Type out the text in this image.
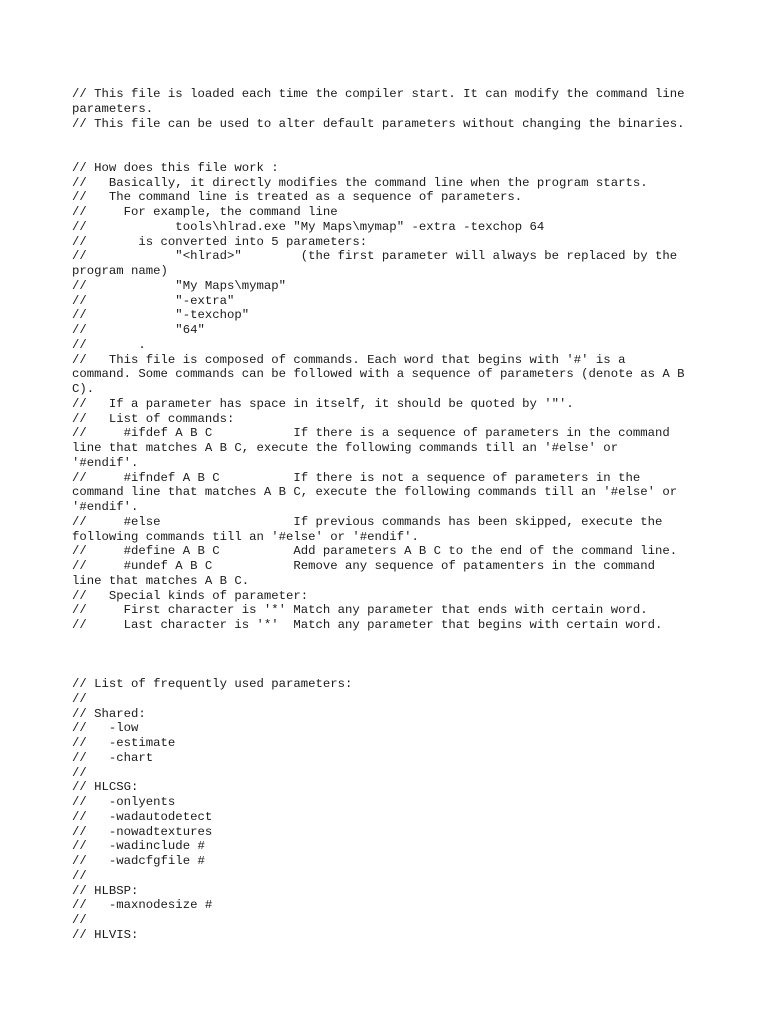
// This file is loaded each time the compiler start. It can modify the command line
parameters.
// This file can be used to alter default parameters without changing the binaries.
// How does this file work :
//   Basically, it directly modifies the command line when the program starts.
//   The command line is treated as a sequence of parameters.
//     For example, the command line
//            tools\hlrad.exe "My Maps\mymap" -extra -texchop 64
//       is converted into 5 parameters:
//            "<hlrad>"        (the first parameter will always be replaced by the
program name)
//            "My Maps\mymap"
//            "-extra"
//            "-texchop"
//            "64"
//       .
//   This file is composed of commands. Each word that begins with '#' is a
command. Some commands can be followed with a sequence of parameters (denote as A B
C).
//   If a parameter has space in itself, it should be quoted by '"'.
//   List of commands:
//     #ifdef A B C           If there is a sequence of parameters in the command
line that matches A B C, execute the following commands till an '#else' or
'#endif'.
//     #ifndef A B C          If there is not a sequence of parameters in the
command line that matches A B C, execute the following commands till an '#else' or
'#endif'.
//     #else                  If previous commands has been skipped, execute the
following commands till an '#else' or '#endif'.
//     #define A B C          Add parameters A B C to the end of the command line.
//     #undef A B C           Remove any sequence of patamenters in the command
line that matches A B C.
//   Special kinds of parameter:
//     First character is '*' Match any parameter that ends with certain word.
//     Last character is '*'  Match any parameter that begins with certain word.
// List of frequently used parameters:
//
// Shared:
//   -low
//   -estimate
//   -chart
//
// HLCSG:
//   -onlyents
//   -wadautodetect
//   -nowadtextures
//   -wadinclude #
//   -wadcfgfile #
//
// HLBSP:
//   -maxnodesize #
//
// HLVIS:
